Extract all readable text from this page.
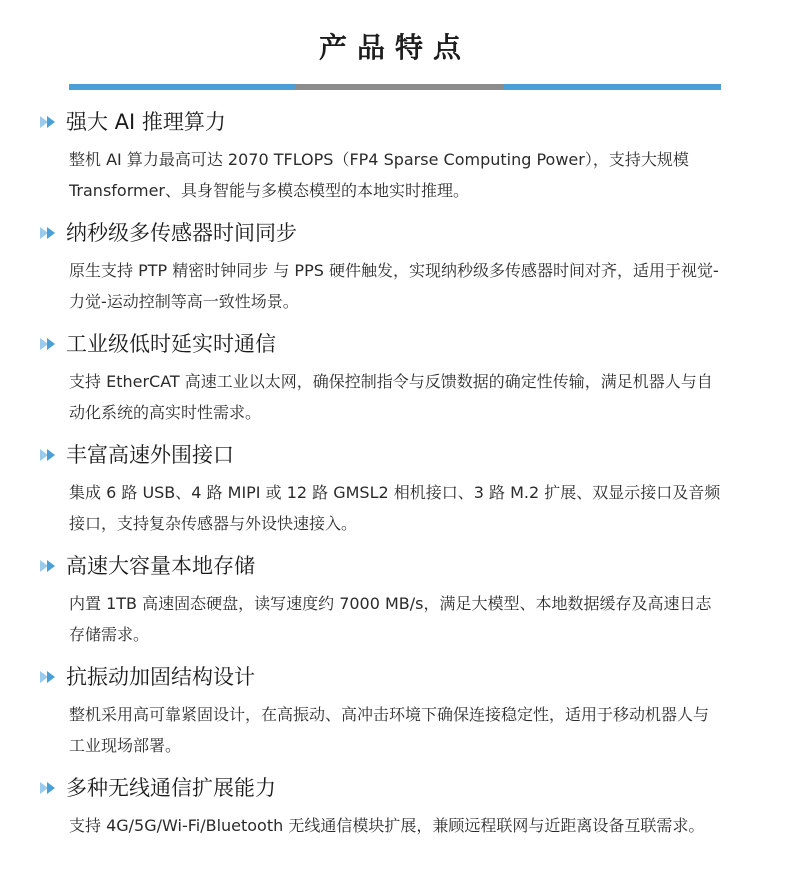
产品特点
强大 AI 推理算力
整机 AI 算力最高可达 2070 TFLOPS（FP4 Sparse Computing Power），支持大规模 Transformer、具身智能与多模态模型的本地实时推理。
纳秒级多传感器时间同步
原生支持 PTP 精密时钟同步 与 PPS 硬件触发，实现纳秒级多传感器时间对齐，适用于视觉-力觉-运动控制等高一致性场景。
工业级低时延实时通信
支持 EtherCAT 高速工业以太网，确保控制指令与反馈数据的确定性传输，满足机器人与自动化系统的高实时性需求。
丰富高速外围接口
集成 6 路 USB、4 路 MIPI 或 12 路 GMSL2 相机接口、3 路 M.2 扩展、双显示接口及音频接口，支持复杂传感器与外设快速接入。
高速大容量本地存储
内置 1TB 高速固态硬盘，读写速度约 7000 MB/s，满足大模型、本地数据缓存及高速日志存储需求。
抗振动加固结构设计
整机采用高可靠紧固设计，在高振动、高冲击环境下确保连接稳定性，适用于移动机器人与工业现场部署。
多种无线通信扩展能力
支持 4G/5G/Wi-Fi/Bluetooth 无线通信模块扩展，兼顾远程联网与近距离设备互联需求。
